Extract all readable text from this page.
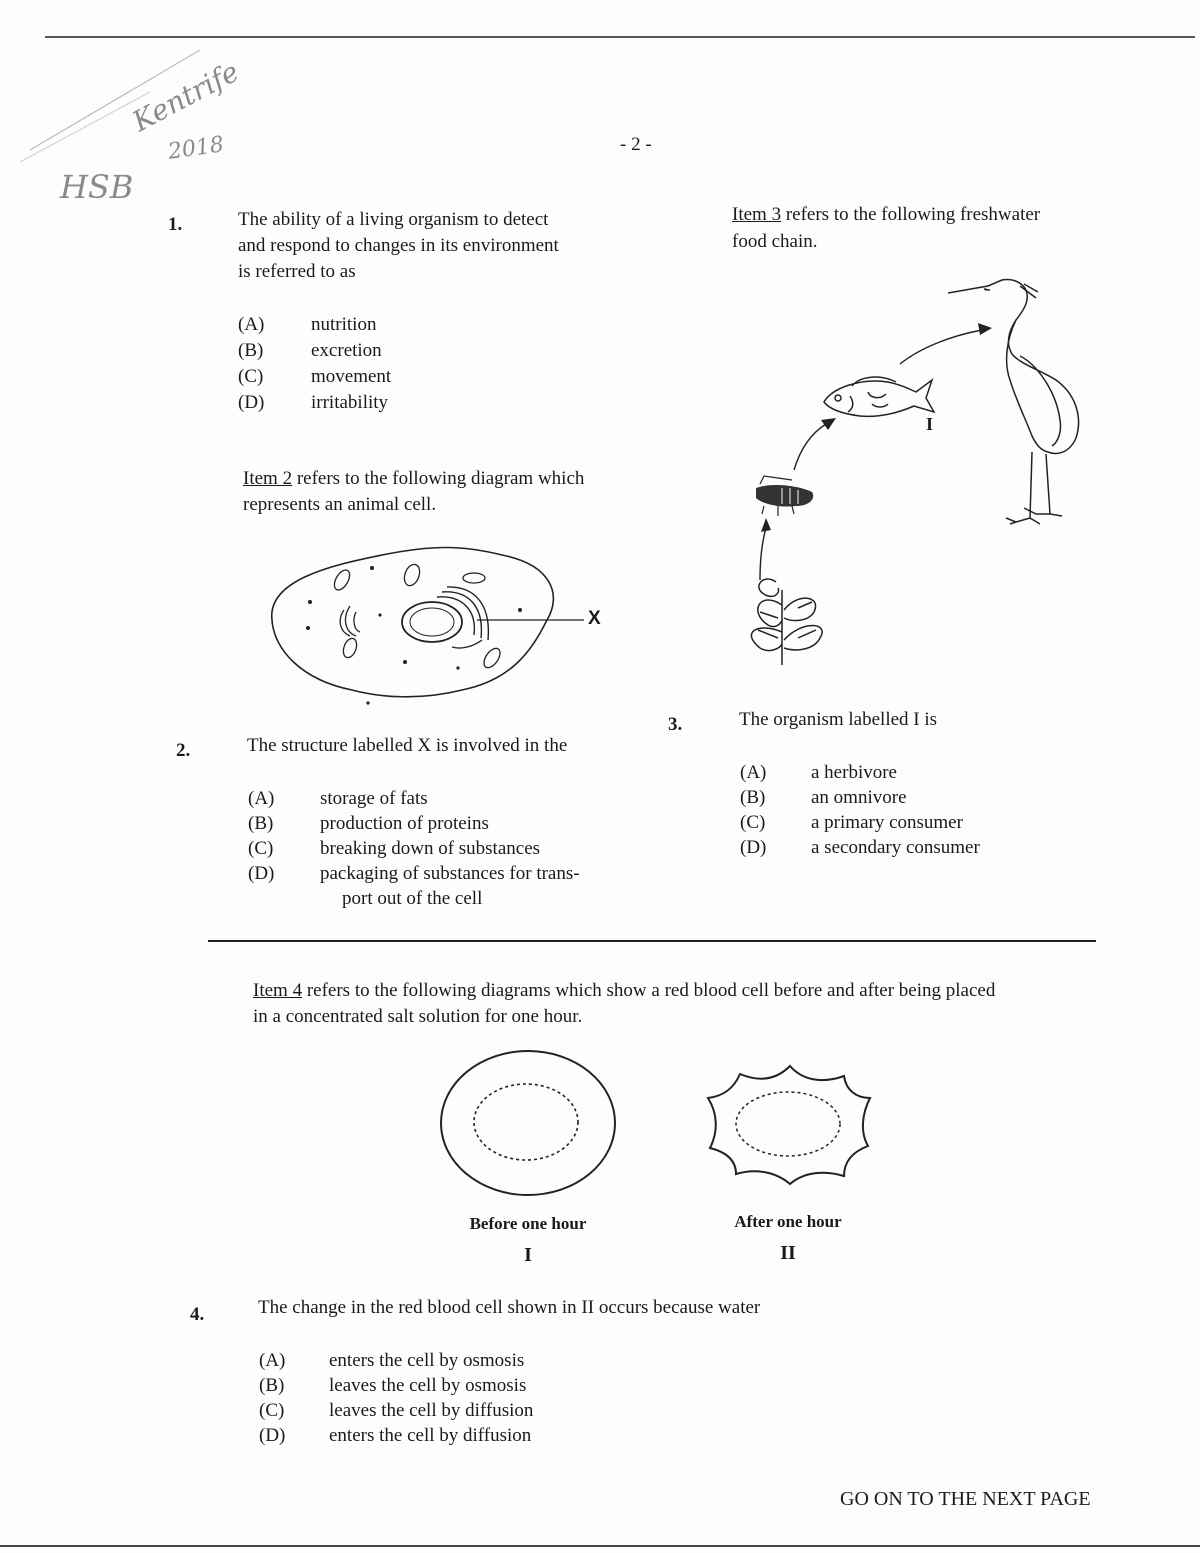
Kentrife
2018
HSB
- 2 -
1.	The ability of a living organism to detect
and respond to changes in its environment
is referred to as
(A) nutrition
(B)	excretion
(C)	movement
(D) irritability
Item 2 refers to the following diagram which
represents an animal cell.
X
2.	The structure labelled X is involved in the
(A) storage of fats
(B) production of proteins
(C) breaking down of substances
(D) packaging of substances for trans-
port out of the cell
Item 3 refers to the following freshwater
food chain.
I
3.	The organism labelled I is
(A) a herbivore
(B) an omnivore
(C) a primary consumer
(D) a secondary consumer
Item 4 refers to the following diagrams which show a red blood cell before and after being placed
in a concentrated salt solution for one hour.
Before one hour
I
After one hour
II
4.	The change in the red blood cell shown in II occurs because water
(A) enters the cell by osmosis
(B) leaves the cell by osmosis
(C) leaves the cell by diffusion
(D) enters the cell by diffusion
GO ON TO THE NEXT PAGE
